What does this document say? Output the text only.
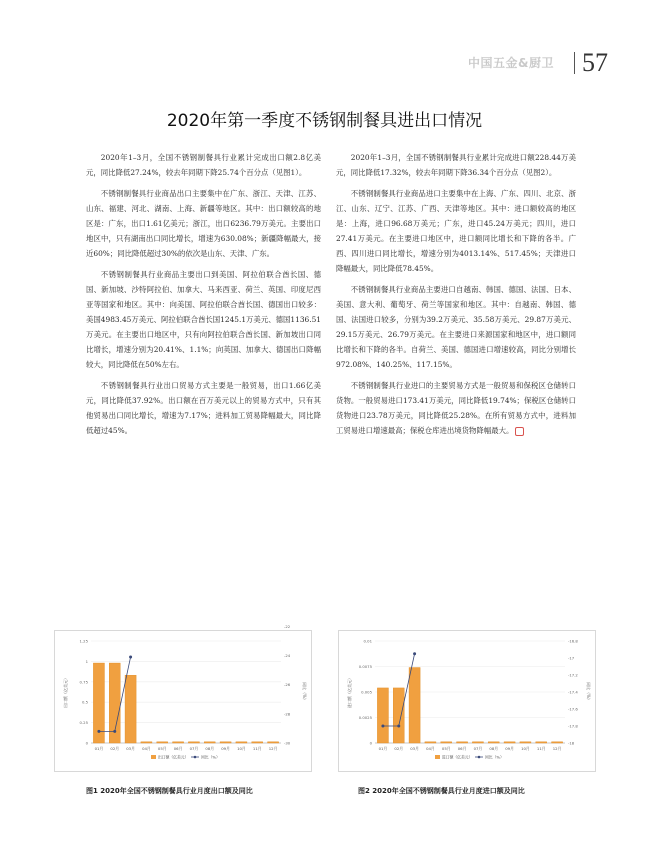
中国五金&厨卫 57
2020年第一季度不锈钢制餐具进出口情况

2020年1–3月，全国不锈钢制餐具行业累计完成出口额2.8亿美元，同比降低27.24%，较去年同期下降25.74个百分点（见图1）。

不锈钢制餐具行业商品出口主要集中在广东、浙江、天津、江苏、山东、福建、河北、湖南、上海、新疆等地区。其中：出口额较高的地区是：广东，出口1.61亿美元；浙江，出口6236.79万美元。主要出口地区中，只有湖南出口同比增长，增速为630.08%；新疆降幅最大，接近60%；同比降低超过30%的依次是山东、天津、广东。

不锈钢制餐具行业商品主要出口到美国、阿拉伯联合酋长国、德国、新加坡、沙特阿拉伯、加拿大、马来西亚、荷兰、英国、印度尼西亚等国家和地区。其中：向美国、阿拉伯联合酋长国、德国出口较多：美国4983.45万美元、阿拉伯联合酋长国1245.1万美元、德国1136.51万美元。在主要出口地区中，只有向阿拉伯联合酋长国、新加坡出口同比增长，增速分别为20.41%、1.1%；向英国、加拿大、德国出口降幅较大，同比降低在50%左右。

不锈钢制餐具行业出口贸易方式主要是一般贸易，出口1.66亿美元，同比降低37.92%。出口额在百万美元以上的贸易方式中，只有其他贸易出口同比增长，增速为7.17%；进料加工贸易降幅最大，同比降低超过45%。

2020年1–3月，全国不锈钢制餐具行业累计完成进口额228.44万美元，同比降低17.32%，较去年同期下降36.34个百分点（见图2）。

不锈钢制餐具行业商品进口主要集中在上海、广东、四川、北京、浙江、山东、辽宁、江苏、广西、天津等地区。其中：进口额较高的地区是：上海，进口96.68万美元；广东，进口45.24万美元；四川，进口27.41万美元。在主要进口地区中，进口额同比增长和下降的各半。广西、四川进口同比增长，增速分别为4013.14%、517.45%；天津进口降幅最大，同比降低78.45%。

不锈钢制餐具行业商品主要进口自越南、韩国、德国、法国、日本、美国、意大利、葡萄牙、荷兰等国家和地区。其中：自越南、韩国、德国、法国进口较多，分别为39.2万美元、35.58万美元、29.87万美元、29.15万美元、26.79万美元。在主要进口来源国家和地区中，进口额同比增长和下降的各半。自荷兰、美国、德国进口增速较高，同比分别增长972.08%、140.25%、117.15%。

不锈钢制餐具行业进口的主要贸易方式是一般贸易和保税区仓储转口货物。一般贸易进口173.41万美元，同比降低19.74%；保税区仓储转口货物进口23.78万美元，同比降低25.28%。在所有贸易方式中，进料加工贸易进口增速最高；保税仓库进出境货物降幅最大。

0
0.25
0.5
0.75
1
1.25
-30
-28
-26
-24
-22
出口额（亿美元）	同比（%）
01月 02月 03月 04月 05月 06月 07月 08月 09月 10月 11月 12月
出口额（亿美元）	同比（%）
0
0.0025
0.005
0.0075
0.01
-18
-17.8
-17.6
-17.4
-17.2
-17
-16.8
进口额（亿美元）	同比（%）
01月 02月 03月 04月 05月 06月 07月 08月 09月 10月 11月 12月
进口额（亿美元）	同比（%）
图1 2020年全国不锈钢制餐具行业月度出口额及同比	图2 2020年全国不锈钢制餐具行业月度进口额及同比
